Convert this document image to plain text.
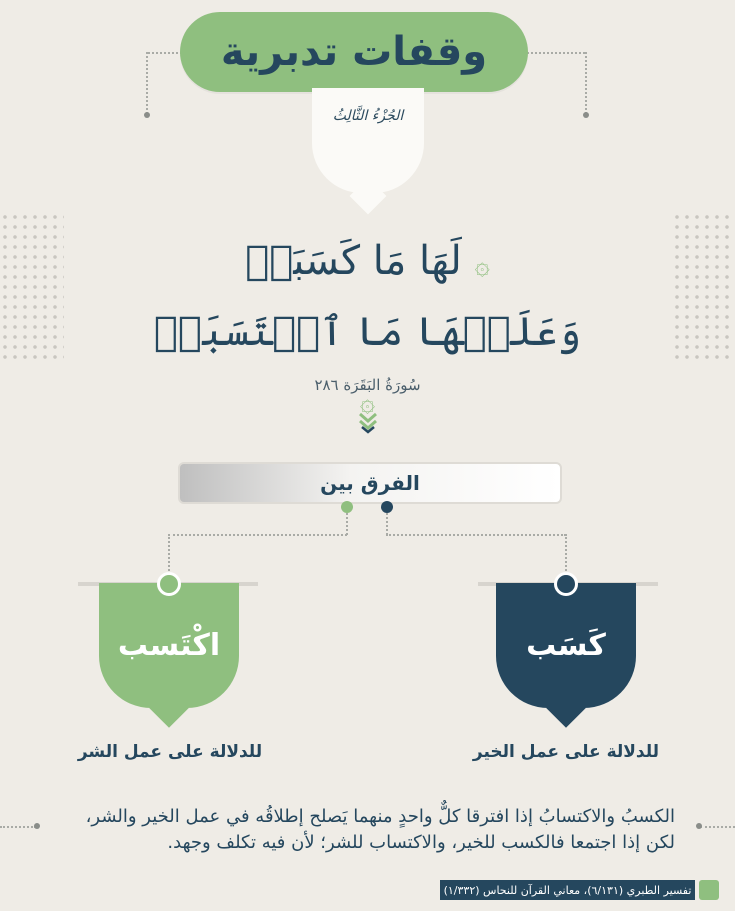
وقفات تدبرية
الجُزْءُ الثَّالِثُ
۞ لَهَا مَا كَسَبَتۡ
وَعَلَيۡهَا مَا ٱكۡتَسَبَتۡ ۞
سُورَةُ البَقَرَة ٢٨٦
الفرق بين
اكْتَسب
للدلالة على عمل الشر
كَسَب
للدلالة على عمل الخير
الكسبُ والاكتسابُ إذا افترقا كلٌّ واحدٍ منهما يَصلح إطلاقُه في عمل الخير والشر، لكن إذا اجتمعا فالكسب للخير، والاكتساب للشر؛ لأن فيه تكلف وجهد.
تفسير الطبري (٦/١٣١)، معاني القرآن للنحاس (١/٣٣٢)
